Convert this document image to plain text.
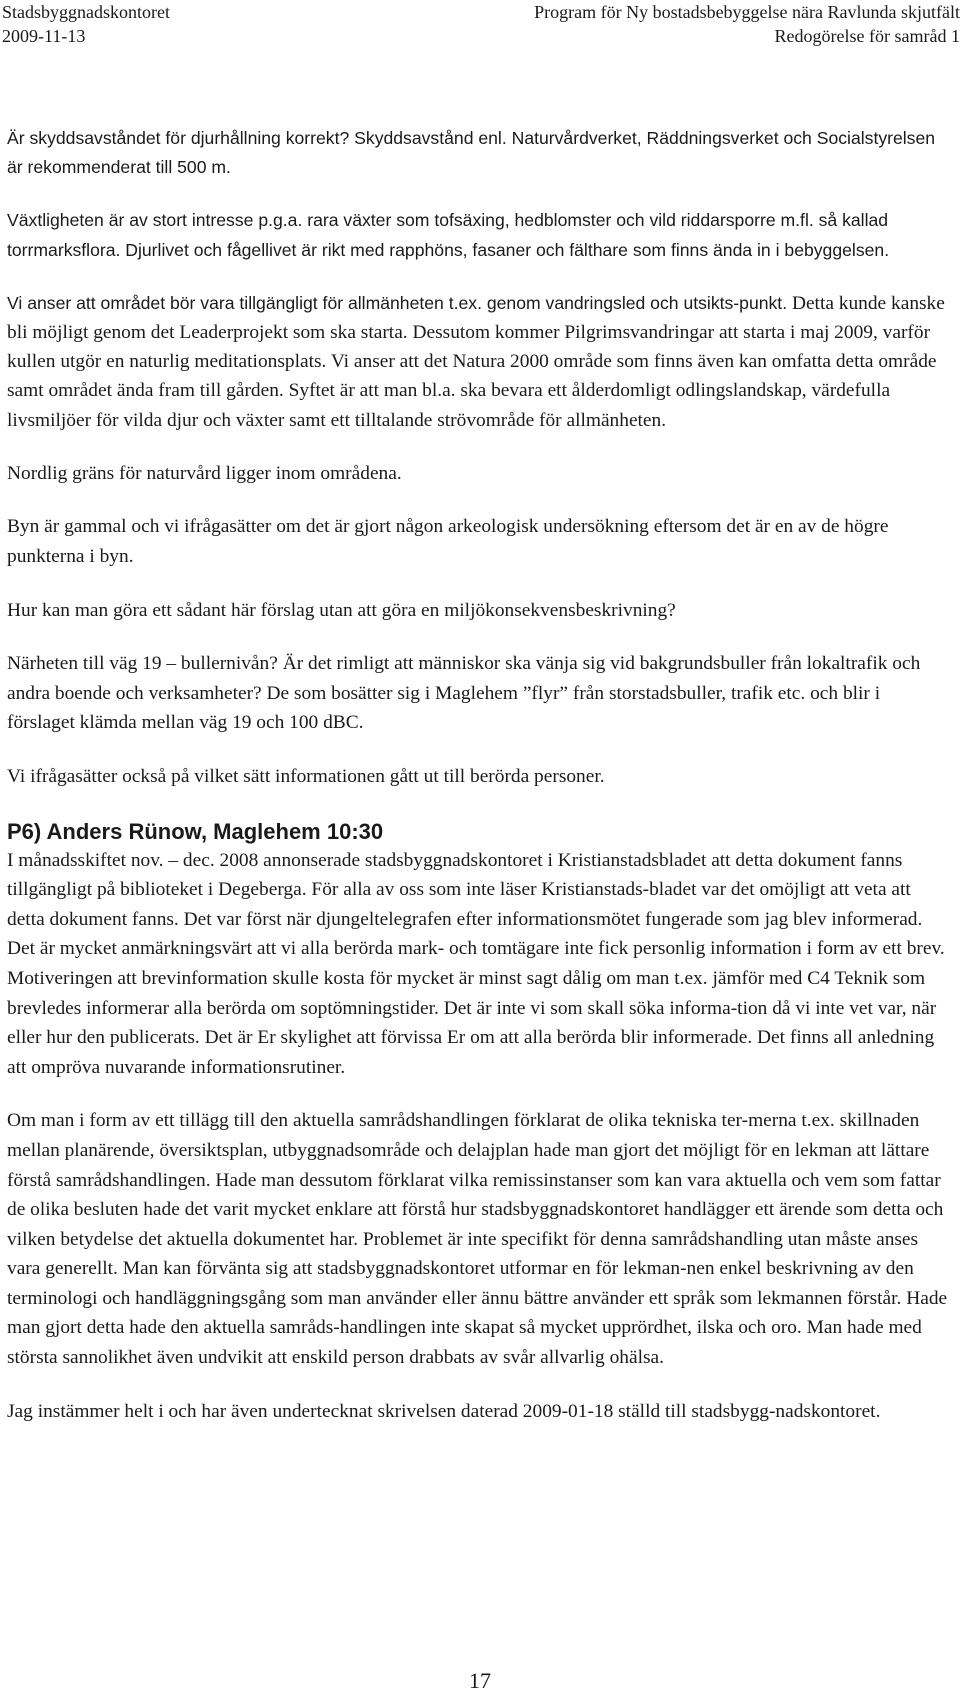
Stadsbyggnadskontoret
2009-11-13
Program för Ny bostadsbebyggelse nära Ravlunda skjutfält
Redogörelse för samråd 1

Är skyddsavståndet för djurhållning korrekt? Skyddsavstånd enl. Naturvårdverket, Räddningsverket och Socialstyrelsen är rekommenderat till 500 m.

Växtligheten är av stort intresse p.g.a. rara växter som tofsäxing, hedblomster och vild riddarsporre m.fl. så kallad torrmarksflora. Djurlivet och fågellivet är rikt med rapphöns, fasaner och fälthare som finns ända in i bebyggelsen.

Vi anser att området bör vara tillgängligt för allmänheten t.ex. genom vandringsled och utsikts-punkt. Detta kunde kanske bli möjligt genom det Leaderprojekt som ska starta. Dessutom kommer Pilgrimsvandringar att starta i maj 2009, varför kullen utgör en naturlig meditationsplats. Vi anser att det Natura 2000 område som finns även kan omfatta detta område samt området ända fram till gården. Syftet är att man bl.a. ska bevara ett ålderdomligt odlingslandskap, värdefulla livsmiljöer för vilda djur och växter samt ett tilltalande strövområde för allmänheten.

Nordlig gräns för naturvård ligger inom områdena.

Byn är gammal och vi ifrågasätter om det är gjort någon arkeologisk undersökning eftersom det är en av de högre punkterna i byn.

Hur kan man göra ett sådant här förslag utan att göra en miljökonsekvensbeskrivning?

Närheten till väg 19 – bullernivån? Är det rimligt att människor ska vänja sig vid bakgrundsbuller från lokaltrafik och andra boende och verksamheter? De som bosätter sig i Maglehem ”flyr” från storstadsbuller, trafik etc. och blir i förslaget klämda mellan väg 19 och 100 dBC.

Vi ifrågasätter också på vilket sätt informationen gått ut till berörda personer.

P6) Anders Rünow, Maglehem 10:30

I månadsskiftet nov. – dec. 2008 annonserade stadsbyggnadskontoret i Kristianstadsbladet att detta dokument fanns tillgängligt på biblioteket i Degeberga. För alla av oss som inte läser Kristianstads-bladet var det omöjligt att veta att detta dokument fanns. Det var först när djungeltelegrafen efter informationsmötet fungerade som jag blev informerad. Det är mycket anmärkningsvärt att vi alla berörda mark- och tomtägare inte fick personlig information i form av ett brev. Motiveringen att brevinformation skulle kosta för mycket är minst sagt dålig om man t.ex. jämför med C4 Teknik som brevledes informerar alla berörda om soptömningstider. Det är inte vi som skall söka informa-tion då vi inte vet var, när eller hur den publicerats. Det är Er skylighet att förvissa Er om att alla berörda blir informerade. Det finns all anledning att ompröva nuvarande informationsrutiner.

Om man i form av ett tillägg till den aktuella samrådshandlingen förklarat de olika tekniska ter-merna t.ex. skillnaden mellan planärende, översiktsplan, utbyggnadsområde och delajplan hade man gjort det möjligt för en lekman att lättare förstå samrådshandlingen. Hade man dessutom förklarat vilka remissinstanser som kan vara aktuella och vem som fattar de olika besluten hade det varit mycket enklare att förstå hur stadsbyggnadskontoret handlägger ett ärende som detta och vilken betydelse det aktuella dokumentet har. Problemet är inte specifikt för denna samrådshandling utan måste anses vara generellt. Man kan förvänta sig att stadsbyggnadskontoret utformar en för lekman-nen enkel beskrivning av den terminologi och handläggningsgång som man använder eller ännu bättre använder ett språk som lekmannen förstår. Hade man gjort detta hade den aktuella samråds-handlingen inte skapat så mycket upprördhet, ilska och oro. Man hade med största sannolikhet även undvikit att enskild person drabbats av svår allvarlig ohälsa.

Jag instämmer helt i och har även undertecknat skrivelsen daterad 2009-01-18 ställd till stadsbygg-nadskontoret.

17
